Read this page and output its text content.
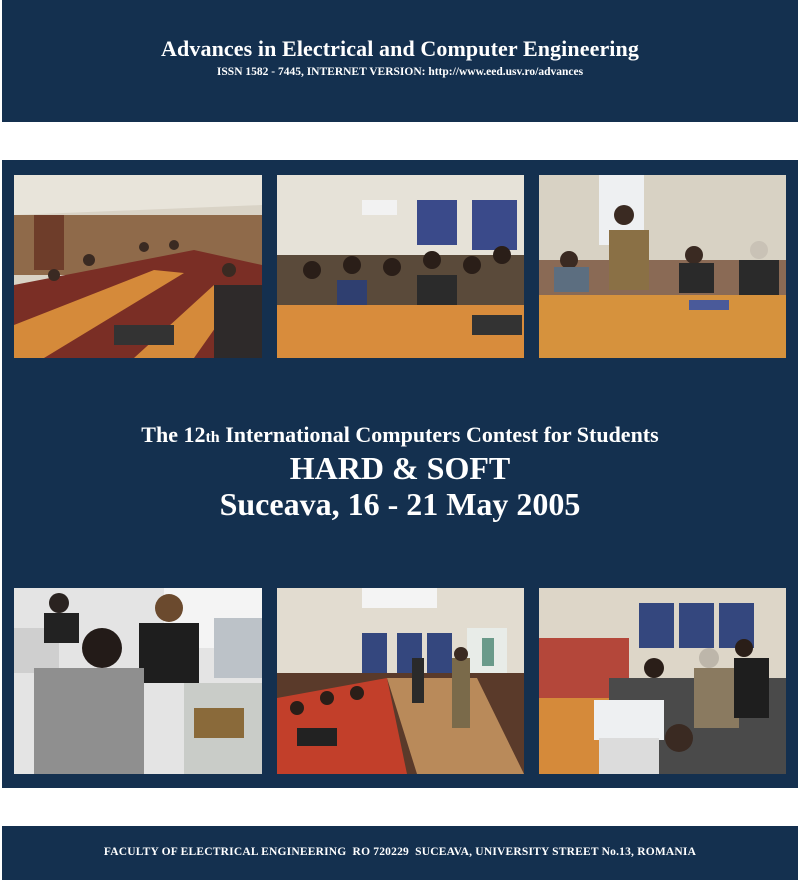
Advances in Electrical and Computer Engineering
ISSN 1582 - 7445, INTERNET VERSION: http://www.eed.usv.ro/advances
The 12th International Computers Contest for Students
HARD & SOFT
Suceava, 16 - 21 May 2005
FACULTY OF ELECTRICAL ENGINEERING  RO 720229  SUCEAVA, UNIVERSITY STREET No.13, ROMANIA
